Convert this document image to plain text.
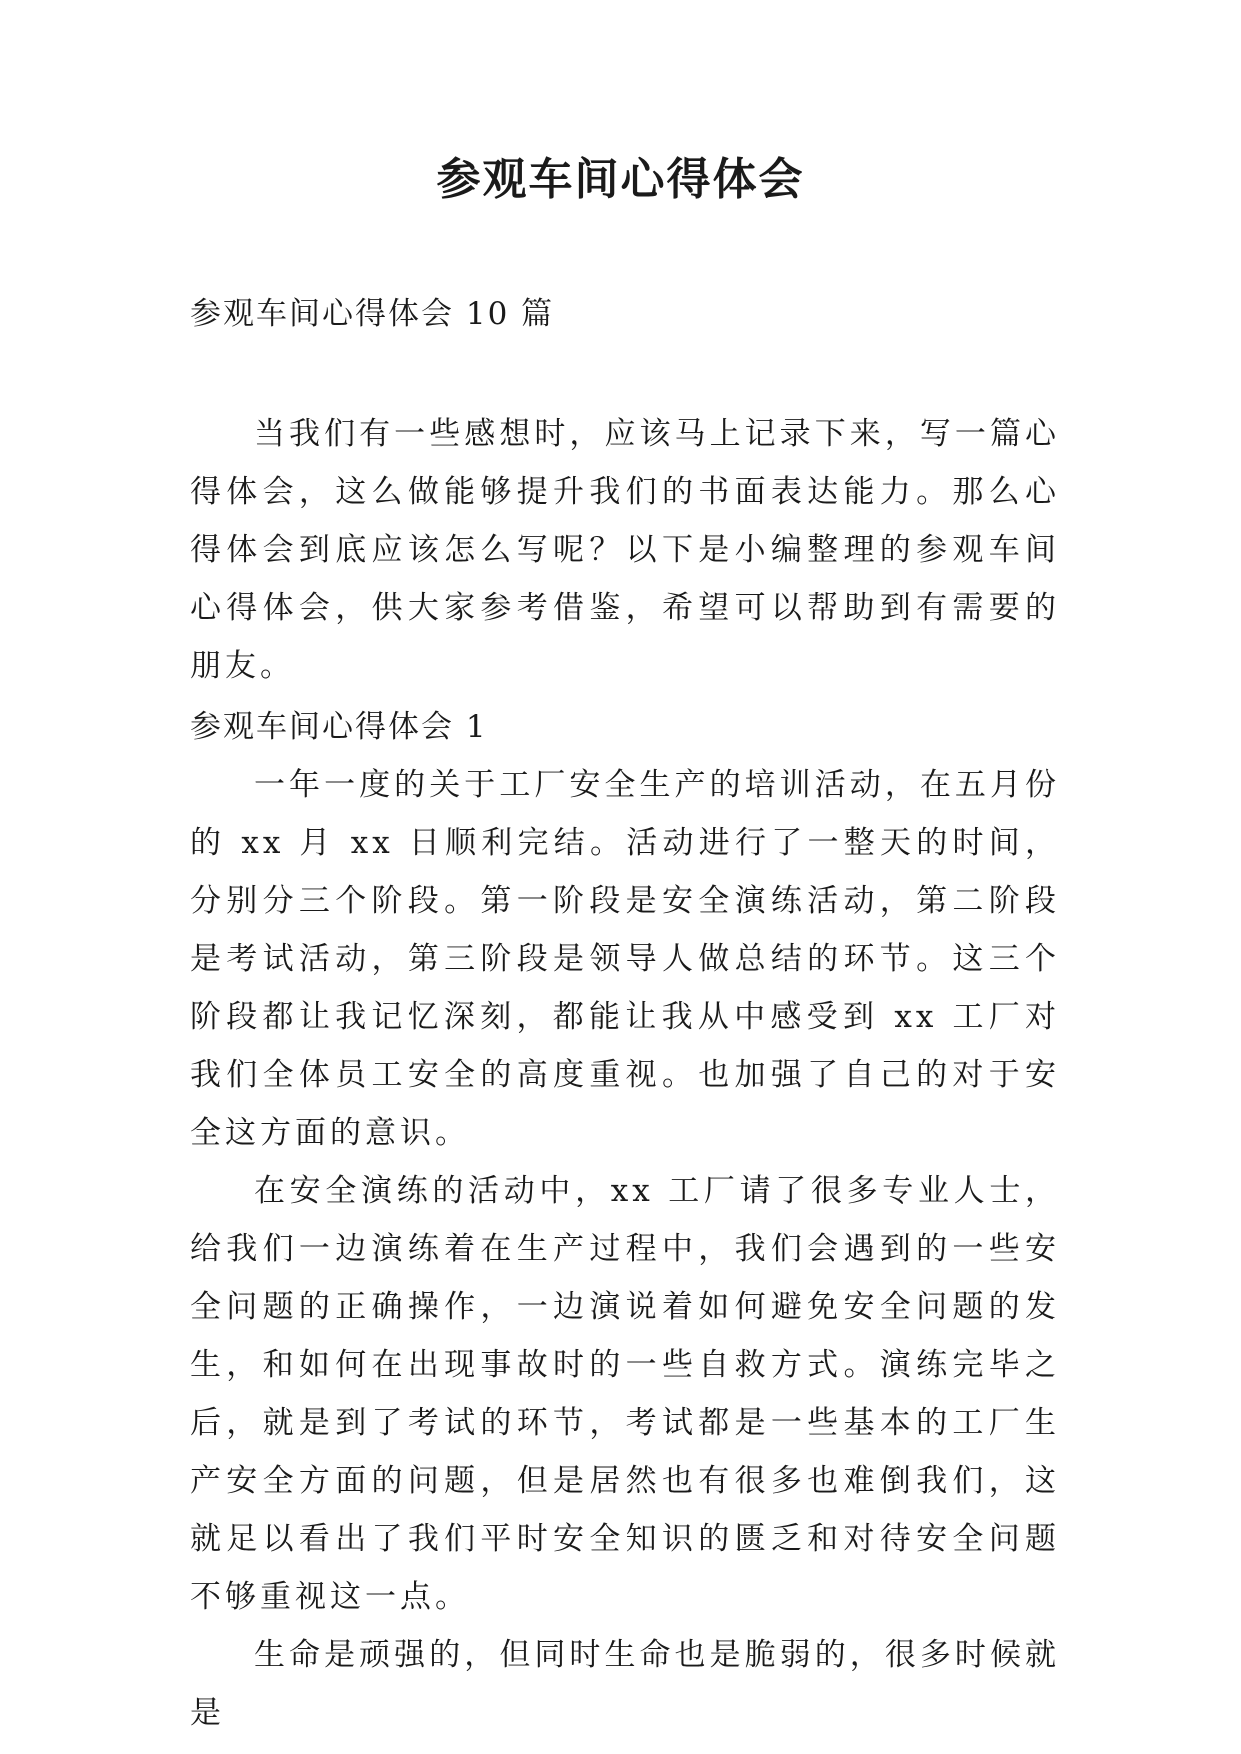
参观车间心得体会
参观车间心得体会 10 篇

当我们有一些感想时，应该马上记录下来，写一篇心得体会，这么做能够提升我们的书面表达能力。那么心得体会到底应该怎么写呢？以下是小编整理的参观车间心得体会，供大家参考借鉴，希望可以帮助到有需要的朋友。

参观车间心得体会 1

一年一度的关于工厂安全生产的培训活动，在五月份的 xx 月 xx 日顺利完结。活动进行了一整天的时间，分别分三个阶段。第一阶段是安全演练活动，第二阶段是考试活动，第三阶段是领导人做总结的环节。这三个阶段都让我记忆深刻，都能让我从中感受到 xx 工厂对我们全体员工安全的高度重视。也加强了自己的对于安全这方面的意识。

在安全演练的活动中，xx 工厂请了很多专业人士，给我们一边演练着在生产过程中，我们会遇到的一些安全问题的正确操作，一边演说着如何避免安全问题的发生，和如何在出现事故时的一些自救方式。演练完毕之后，就是到了考试的环节，考试都是一些基本的工厂生产安全方面的问题，但是居然也有很多也难倒我们，这就足以看出了我们平时安全知识的匮乏和对待安全问题不够重视这一点。

生命是顽强的，但同时生命也是脆弱的，很多时候就是
